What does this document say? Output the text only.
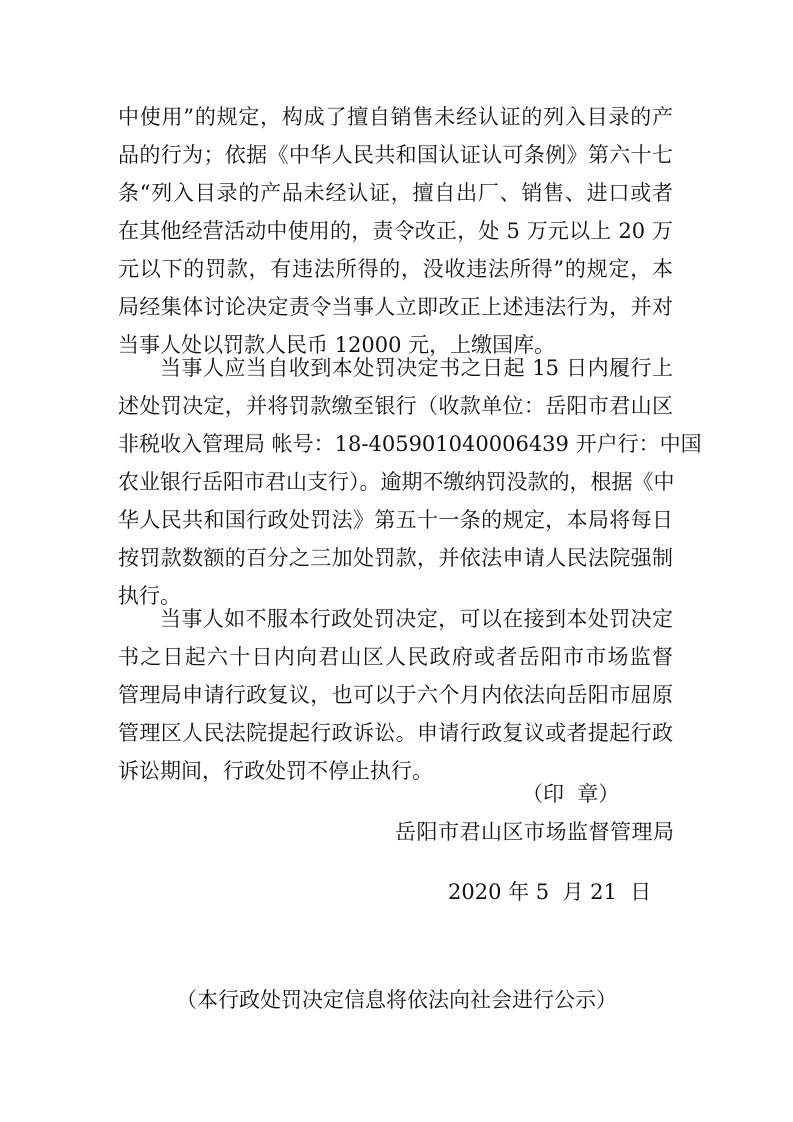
中使用”的规定，构成了擅自销售未经认证的列入目录的产
品的行为；依据《中华人民共和国认证认可条例》第六十七
条“列入目录的产品未经认证，擅自出厂、销售、进口或者
在其他经营活动中使用的，责令改正，处 5 万元以上 20 万
元以下的罚款，有违法所得的，没收违法所得”的规定，本
局经集体讨论决定责令当事人立即改正上述违法行为，并对
当事人处以罚款人民币 12000 元，上缴国库。
当事人应当自收到本处罚决定书之日起 15 日内履行上
述处罚决定，并将罚款缴至银行（收款单位：岳阳市君山区
非税收入管理局 帐号：18-405901040006439 开户行：中国
农业银行岳阳市君山支行）。逾期不缴纳罚没款的，根据《中
华人民共和国行政处罚法》第五十一条的规定，本局将每日
按罚款数额的百分之三加处罚款，并依法申请人民法院强制
执行。
当事人如不服本行政处罚决定，可以在接到本处罚决定
书之日起六十日内向君山区人民政府或者岳阳市市场监督
管理局申请行政复议，也可以于六个月内依法向岳阳市屈原
管理区人民法院提起行政诉讼。申请行政复议或者提起行政
诉讼期间，行政处罚不停止执行。
（印  章）
岳阳市君山区市场监督管理局
2020 年 5  月 21  日
（本行政处罚决定信息将依法向社会进行公示）
